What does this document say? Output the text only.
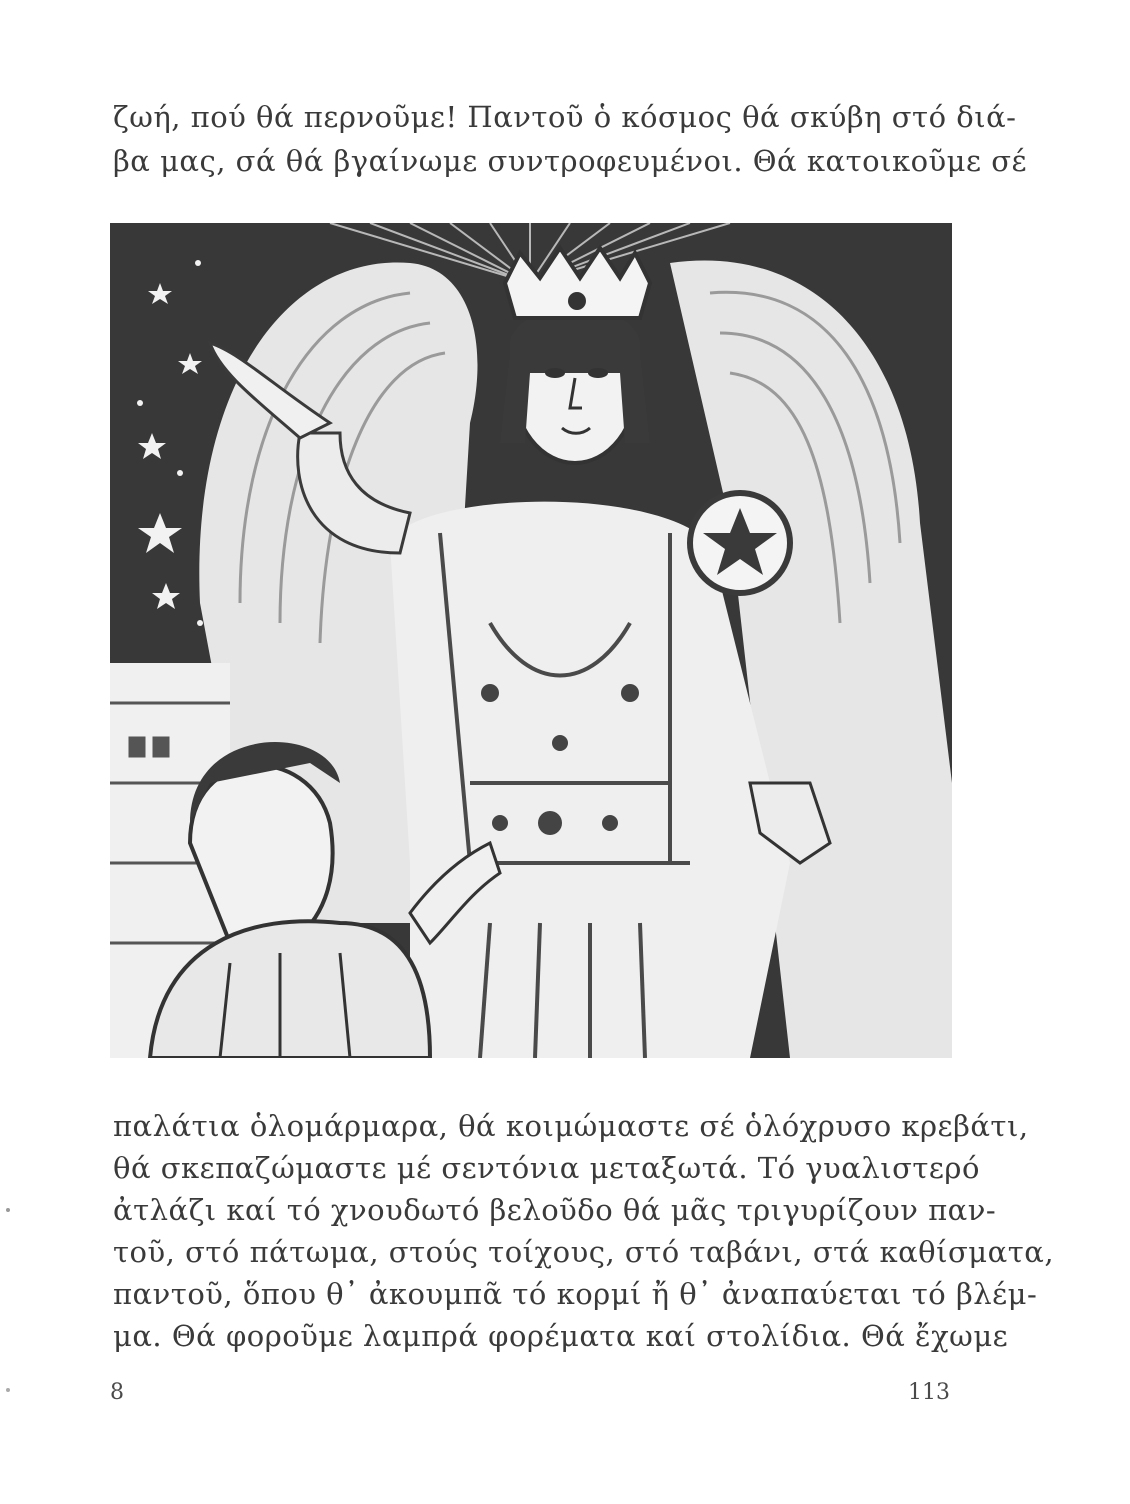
ζωή, πού θά περνοῦμε! Παντοῦ ὁ κόσμος θά σκύβη στό διά-
βα μας, σά θά βγαίνωμε συντροφευμένοι. Θά κατοικοῦμε σέ
παλάτια ὁλομάρμαρα, θά κοιμώμαστε σέ ὁλόχρυσο κρεβάτι,
θά σκεπαζώμαστε μέ σεντόνια μεταξωτά. Τό γυαλιστερό
ἀτλάζι καί τό χνουδωτό βελοῦδο θά μᾶς τριγυρίζουν παν-
τοῦ, στό πάτωμα, στούς τοίχους, στό ταβάνι, στά καθίσματα,
παντοῦ, ὅπου θ᾽ ἀκουμπᾶ τό κορμί ἤ θ᾽ ἀναπαύεται τό βλέμ-
μα. Θά φοροῦμε λαμπρά φορέματα καί στολίδια. Θά ἔχωμε
8	113
